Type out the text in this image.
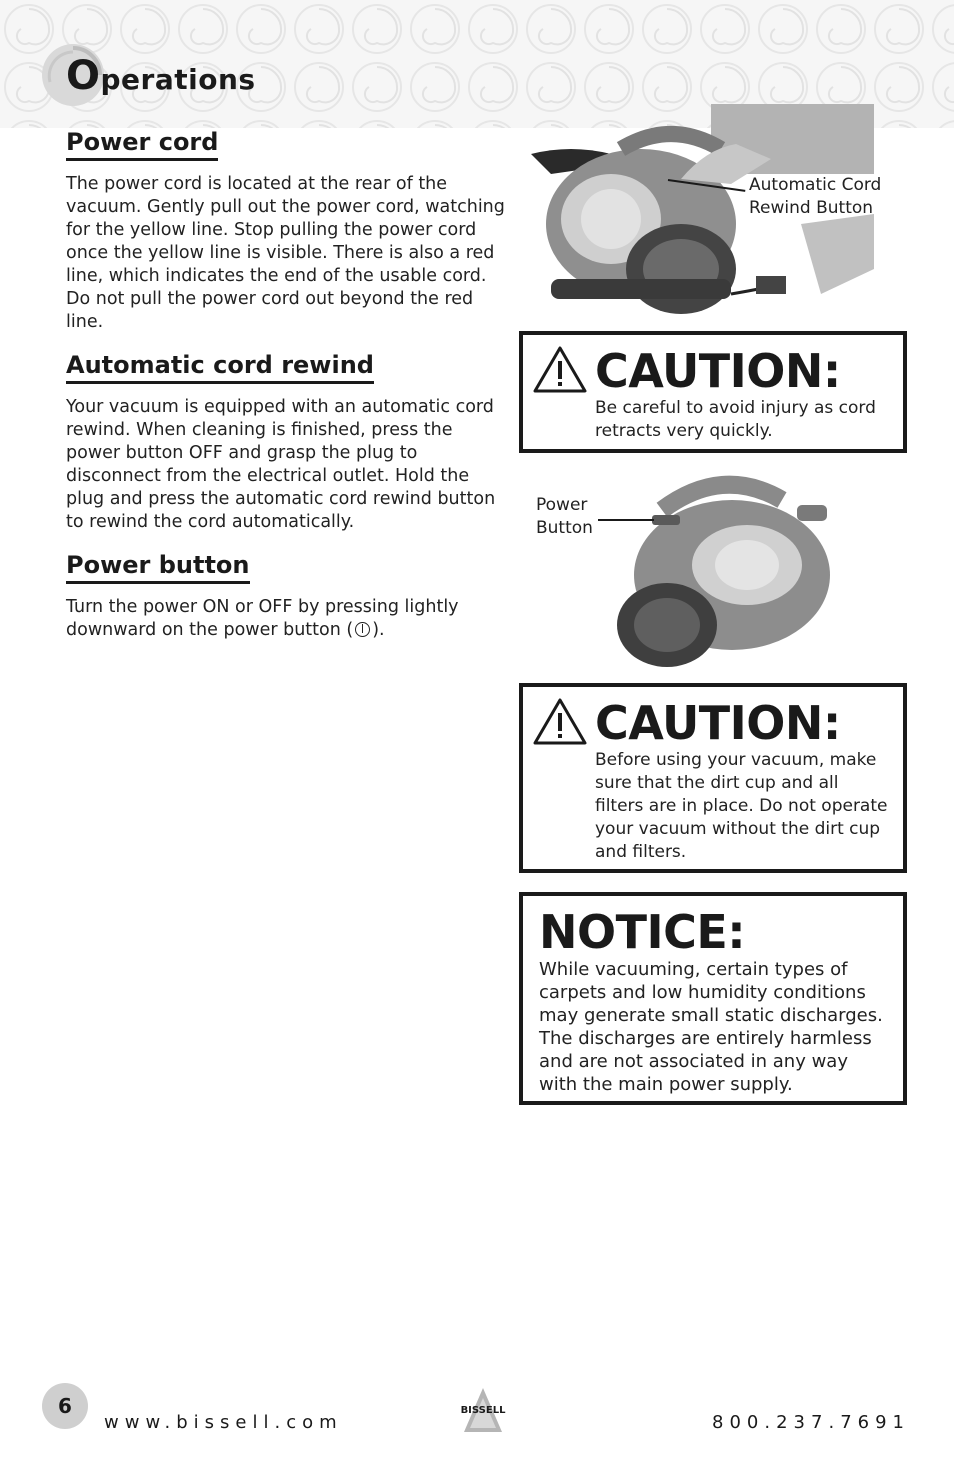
Operations
Power cord

The power cord is located at the rear of the vacuum. Gently pull out the power cord, watching for the yellow line. Stop pulling the power cord once the yellow line is visible. There is also a red line, which indicates the end of the usable cord. Do not pull the power cord out beyond the red line.

Automatic cord rewind

Your vacuum is equipped with an automatic cord rewind. When cleaning is finished, press the power button OFF and grasp the plug to disconnect from the electrical outlet. Hold the plug and press the automatic cord rewind button to rewind the cord automatically.

Power button

Turn the power ON or OFF by pressing lightly downward on the power button ( ).

Automatic Cord
Rewind Button
CAUTION:

Be careful to avoid injury as cord retracts very quickly.

Power
Button
CAUTION:

Before using your vacuum, make sure that the dirt cup and all filters are in place. Do not operate your vacuum without the dirt cup and filters.

NOTICE:

While vacuuming, certain types of carpets and low humidity conditions may generate small static discharges. The discharges are entirely harmless and are not associated in any way with the main power supply.

6
www.bissell.com
BISSELL
800.237.7691
